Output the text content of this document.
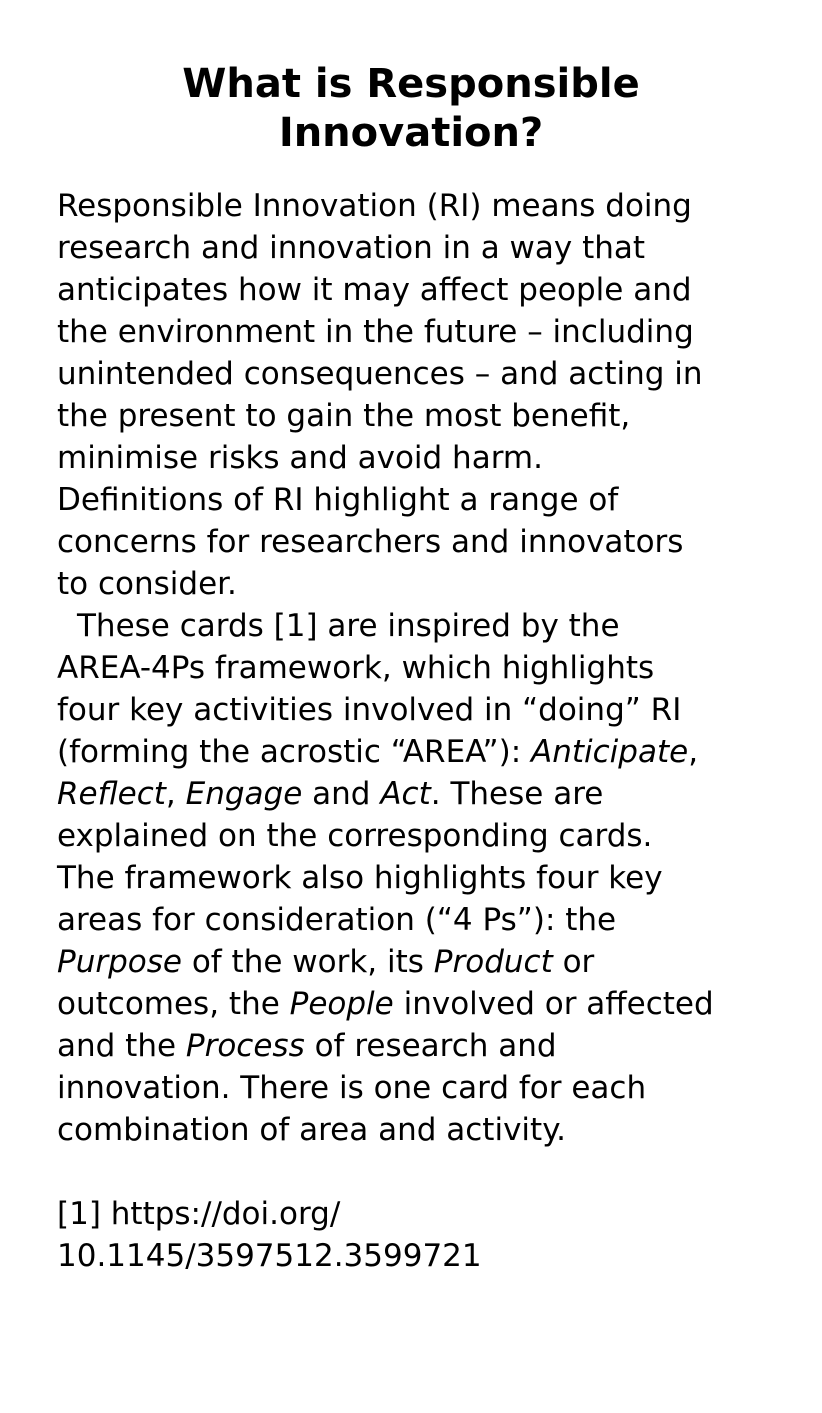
What is Responsible
Innovation?
Responsible Innovation (RI) means doing
research and innovation in a way that
anticipates how it may affect people and
the environment in the future – including
unintended consequences – and acting in
the present to gain the most benefit,
minimise risks and avoid harm.
Definitions of RI highlight a range of
concerns for researchers and innovators
to consider.
These cards [1] are inspired by the
AREA-4Ps framework, which highlights
four key activities involved in “doing” RI
(forming the acrostic “AREA”): Anticipate,
Reflect, Engage and Act. These are
explained on the corresponding cards.
The framework also highlights four key
areas for consideration (“4 Ps”): the
Purpose of the work, its Product or
outcomes, the People involved or affected
and the Process of research and
innovation. There is one card for each
combination of area and activity.
[1] https://doi.org/
10.1145/3597512.3599721
